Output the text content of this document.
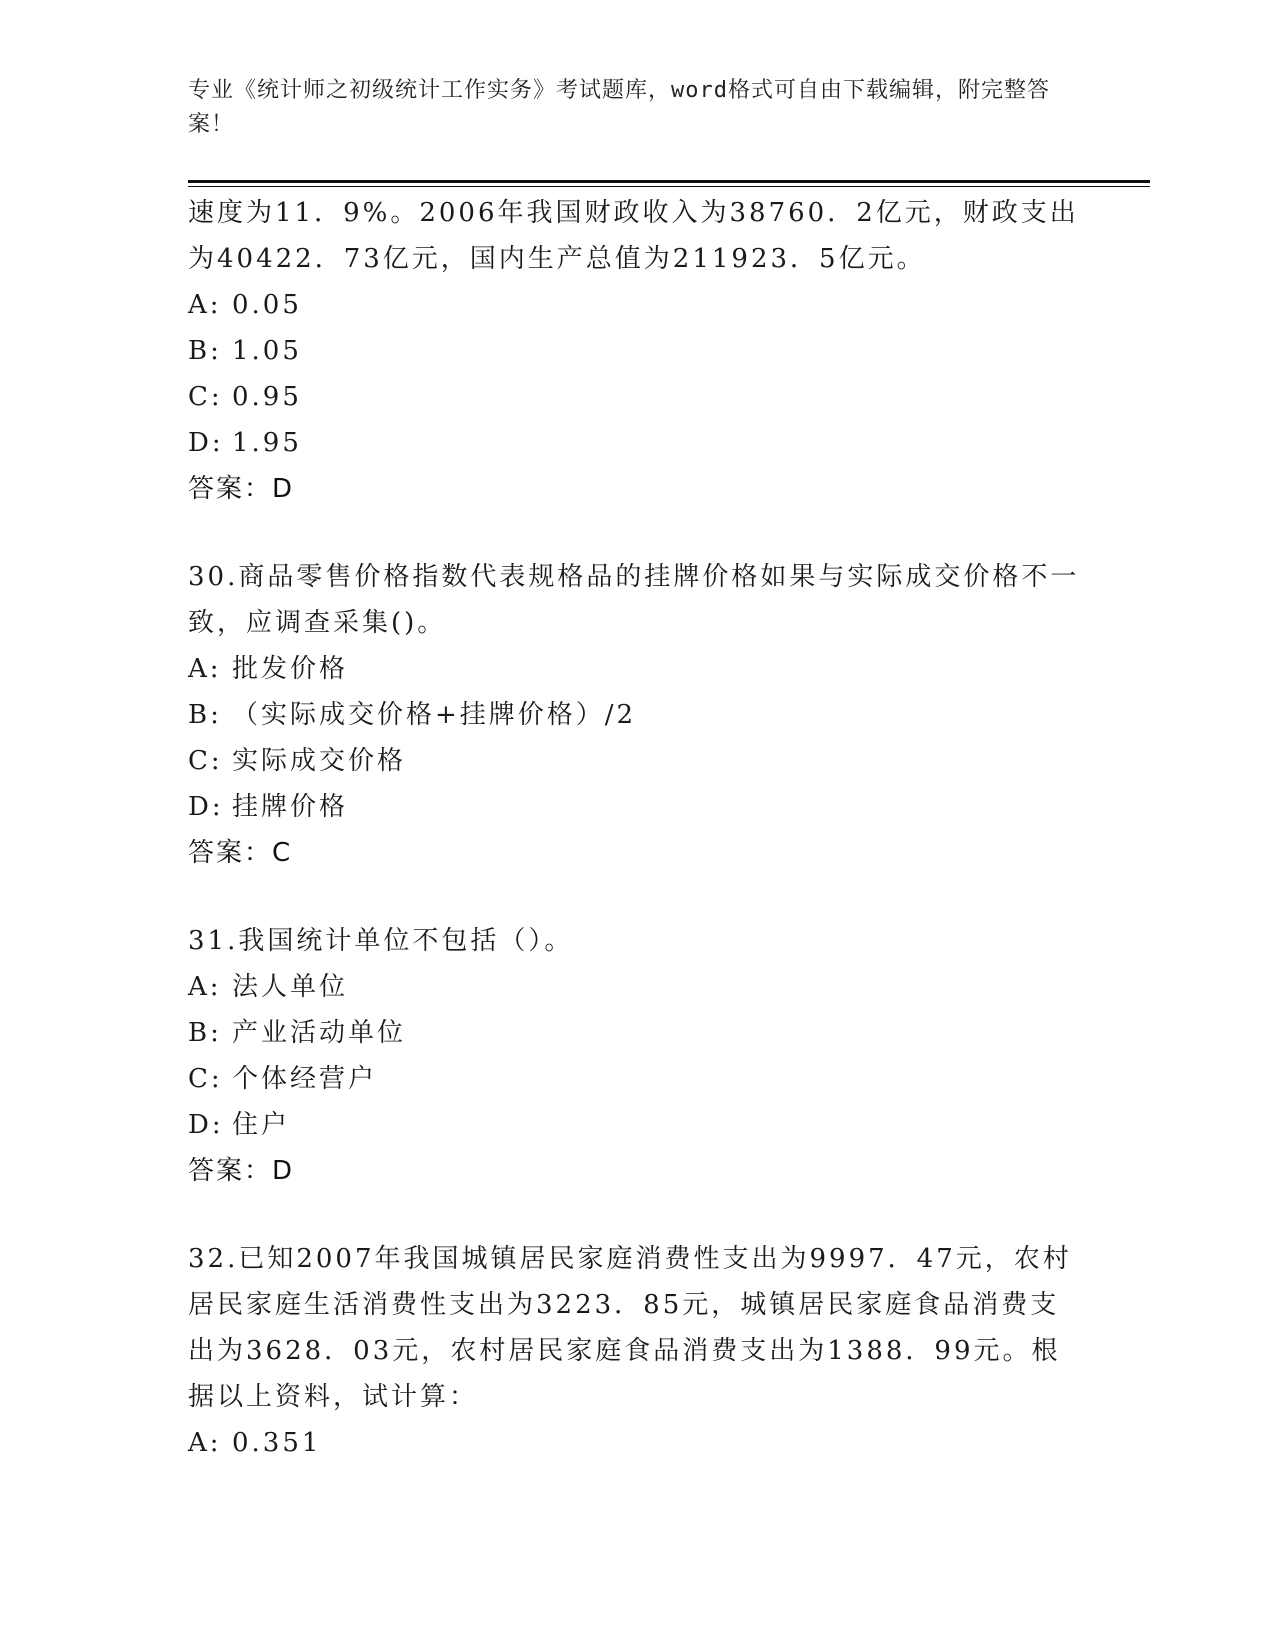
专业《统计师之初级统计工作实务》考试题库，word格式可自由下载编辑，附完整答案！

速度为11．9%。2006年我国财政收入为38760．2亿元，财政支出为40422．73亿元，国内生产总值为211923．5亿元。

A: 0.05

B: 1.05

C: 0.95

D: 1.95

答案：D

30.商品零售价格指数代表规格品的挂牌价格如果与实际成交价格不一致，应调查采集()。

A: 批发价格

B: （实际成交价格+挂牌价格）/2

C: 实际成交价格

D: 挂牌价格

答案：C

31.我国统计单位不包括（）。

A: 法人单位

B: 产业活动单位

C: 个体经营户

D: 住户

答案：D

32.已知2007年我国城镇居民家庭消费性支出为9997．47元，农村居民家庭生活消费性支出为3223．85元，城镇居民家庭食品消费支出为3628．03元，农村居民家庭食品消费支出为1388．99元。根据以上资料，试计算：

A: 0.351
